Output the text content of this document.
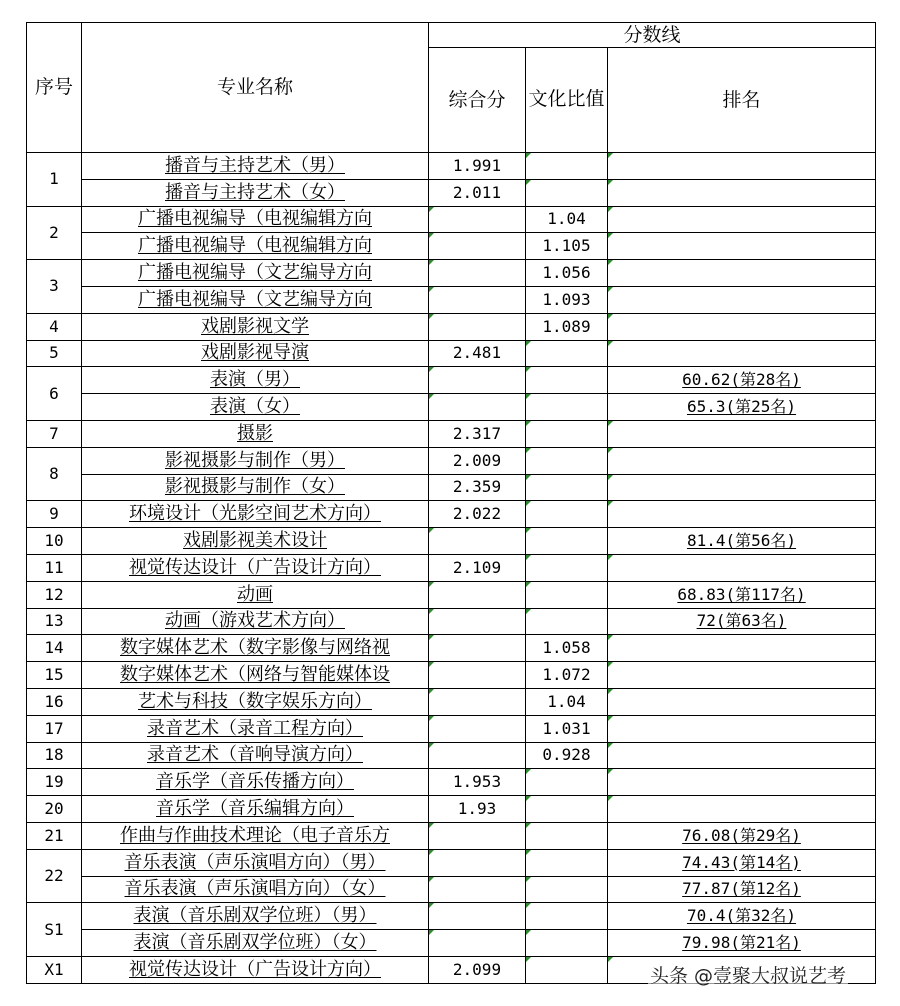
序号	专业名称	分数线		
		综合分	文化比值	排名
1	播音与主持艺术（男）	1.991		
	播音与主持艺术（女）	2.011		
2	广播电视编导（电视编辑方向		1.04	
	广播电视编导（电视编辑方向		1.105	
3	广播电视编导（文艺编导方向		1.056	
	广播电视编导（文艺编导方向		1.093	
4	戏剧影视文学		1.089	
5	戏剧影视导演	2.481		
6	表演（男）			60.62(第28名)
	表演（女）			65.3(第25名)
7	摄影	2.317		
8	影视摄影与制作（男）	2.009		
	影视摄影与制作（女）	2.359		
9	环境设计（光影空间艺术方向）	2.022		
10	戏剧影视美术设计			81.4(第56名)
11	视觉传达设计（广告设计方向）	2.109		
12	动画			68.83(第117名)
13	动画（游戏艺术方向）			72(第63名)
14	数字媒体艺术（数字影像与网络视		1.058	
15	数字媒体艺术（网络与智能媒体设		1.072	
16	艺术与科技（数字娱乐方向）		1.04	
17	录音艺术（录音工程方向）		1.031	
18	录音艺术（音响导演方向）		0.928	
19	音乐学（音乐传播方向）	1.953		
20	音乐学（音乐编辑方向）	1.93		
21	作曲与作曲技术理论（电子音乐方			76.08(第29名)
22	音乐表演（声乐演唱方向）（男）			74.43(第14名)
	音乐表演（声乐演唱方向）（女）			77.87(第12名)
S1	表演（音乐剧双学位班）（男）			70.4(第32名)
	表演（音乐剧双学位班）（女）			79.98(第21名)
X1	视觉传达设计（广告设计方向）	2.099			头条 @壹聚大叔说艺考
